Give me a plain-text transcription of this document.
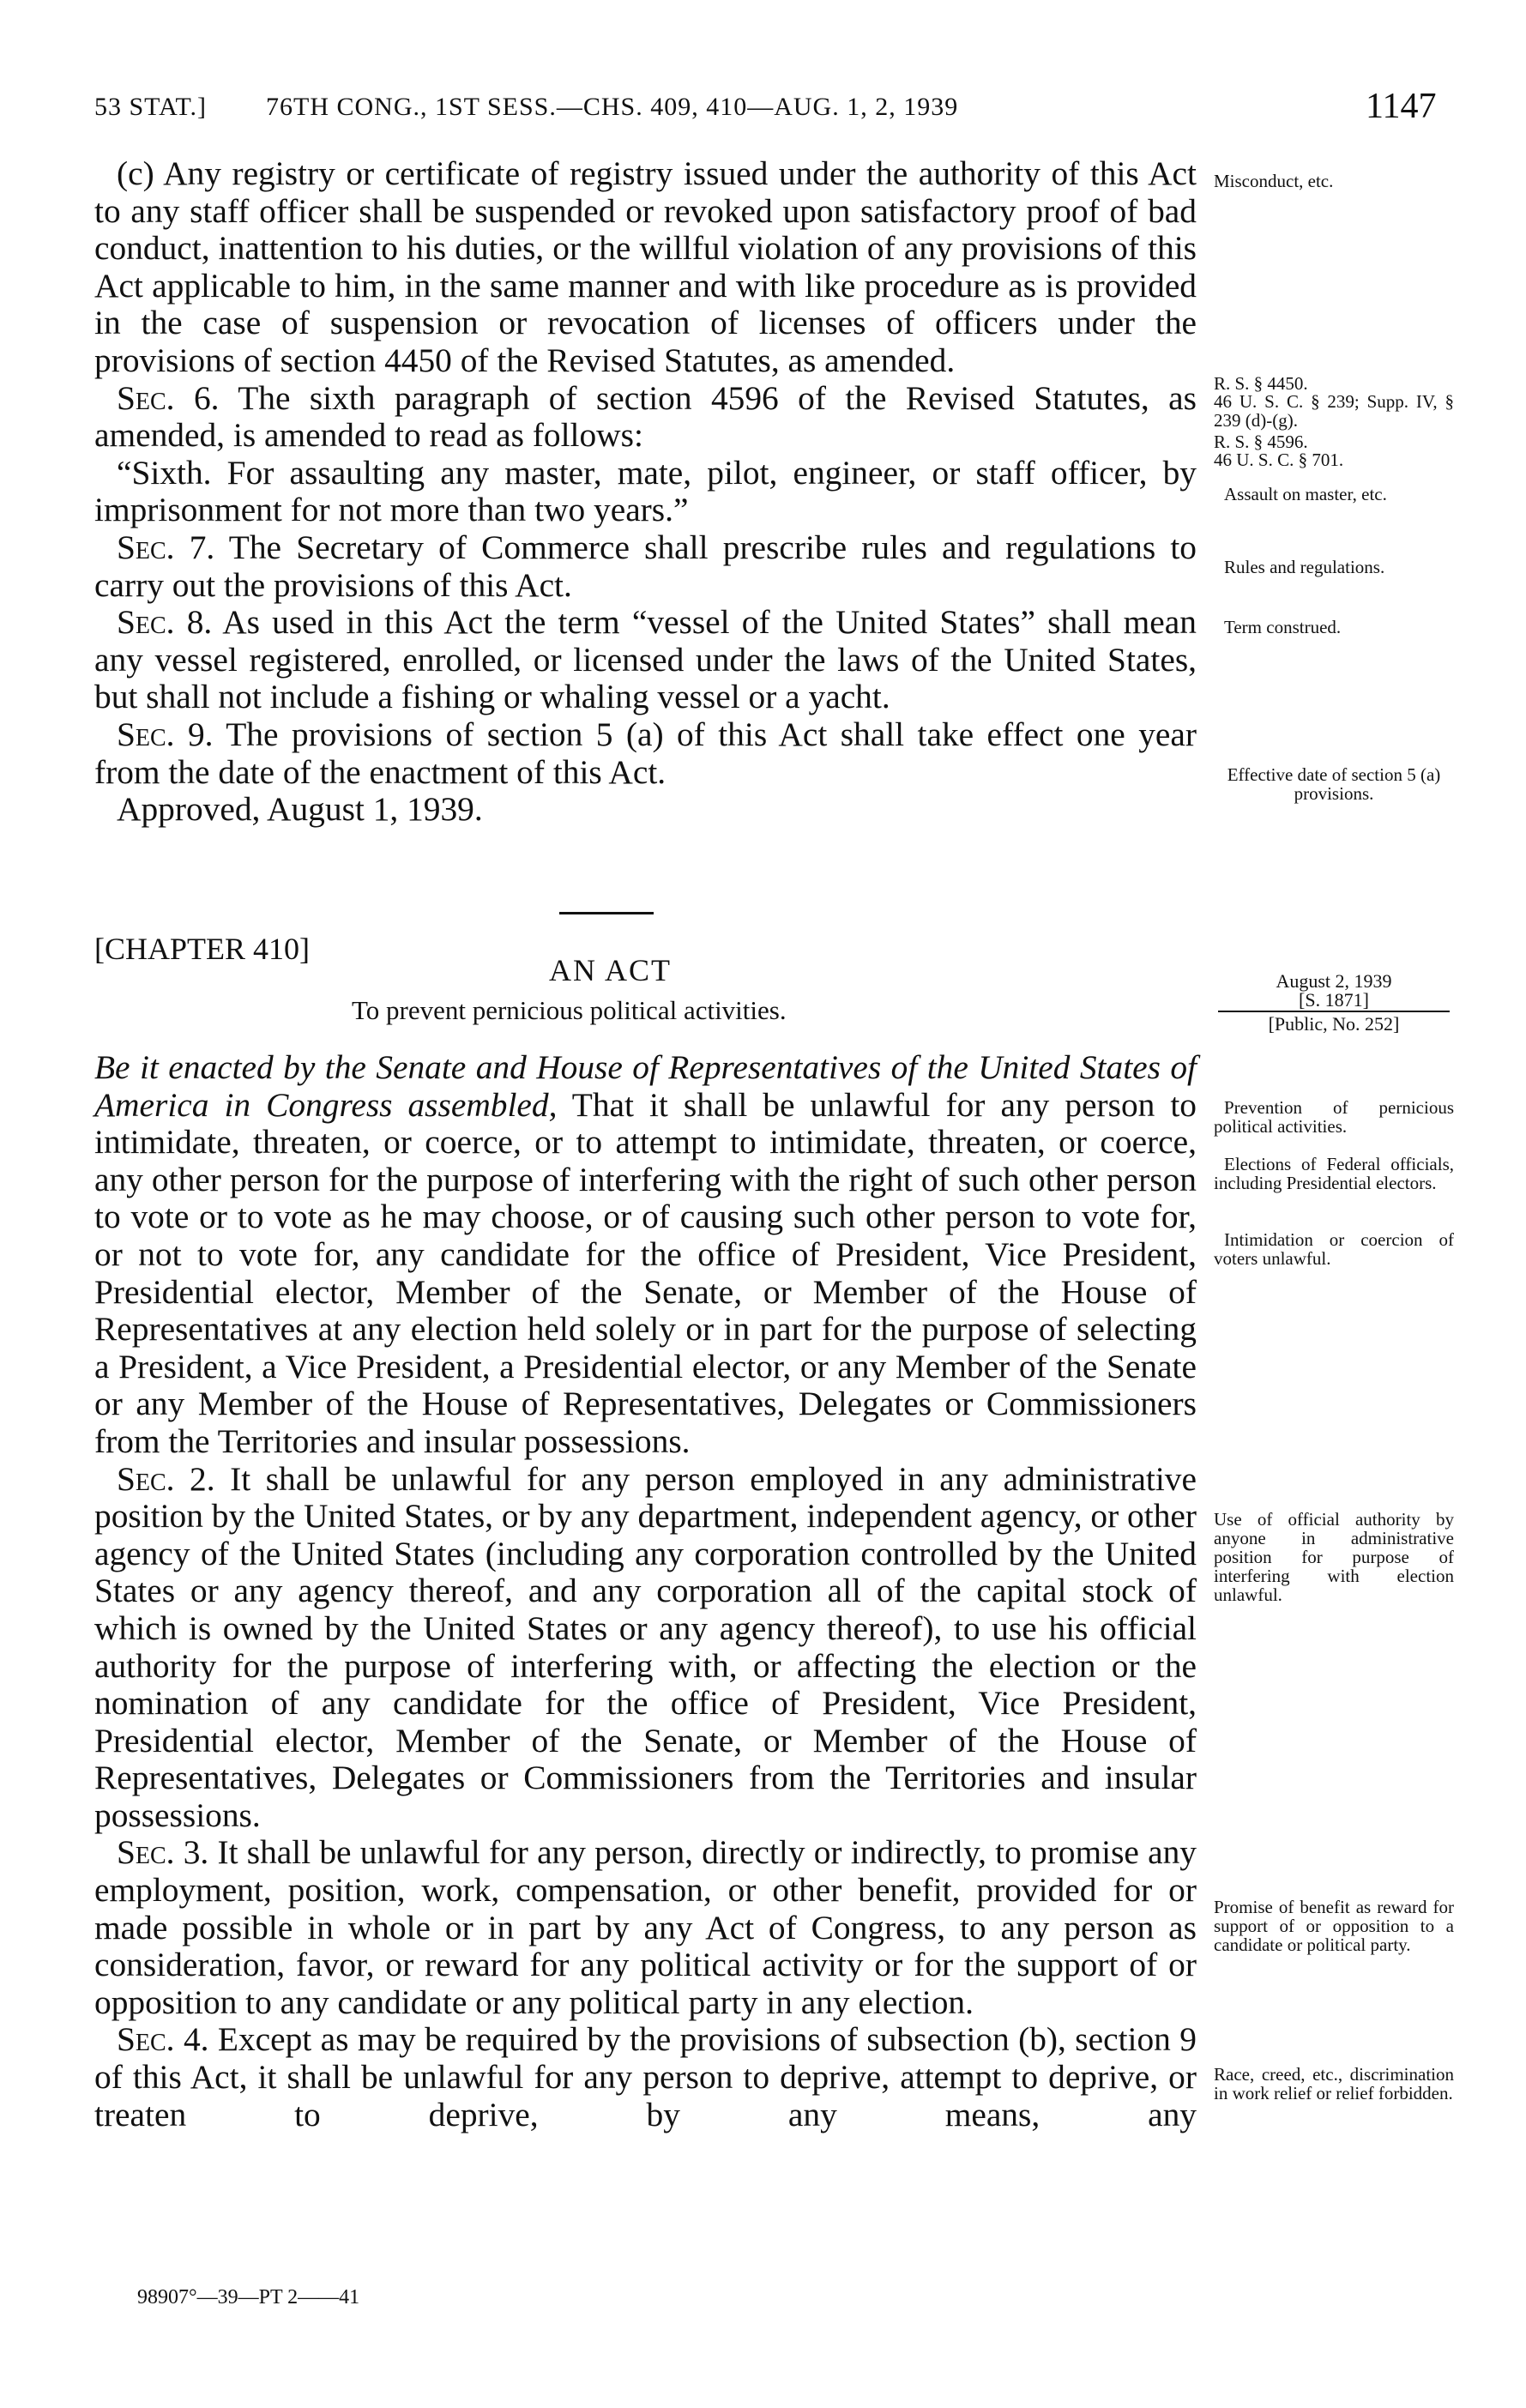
53 STAT.] 76TH CONG., 1ST SESS.—CHS. 409, 410—AUG. 1, 2, 1939	1147

(c) Any registry or certificate of registry issued under the authority of this Act to any staff officer shall be suspended or revoked upon satisfactory proof of bad conduct, inattention to his duties, or the willful violation of any provisions of this Act applicable to him, in the same manner and with like procedure as is provided in the case of suspension or revocation of licenses of officers under the provisions of section 4450 of the Revised Statutes, as amended.

Sec. 6. The sixth paragraph of section 4596 of the Revised Statutes, as amended, is amended to read as follows:

“Sixth. For assaulting any master, mate, pilot, engineer, or staff officer, by imprisonment for not more than two years.”

Sec. 7. The Secretary of Commerce shall prescribe rules and regulations to carry out the provisions of this Act.

Sec. 8. As used in this Act the term “vessel of the United States” shall mean any vessel registered, enrolled, or licensed under the laws of the United States, but shall not include a fishing or whaling vessel or a yacht.

Sec. 9. The provisions of section 5 (a) of this Act shall take effect one year from the date of the enactment of this Act.

Approved, August 1, 1939.

[CHAPTER 410]
AN ACT
To prevent pernicious political activities.
August 2, 1939
[S. 1871]
[Public, No. 252]

Be it enacted by the Senate and House of Representatives of the United States of America in Congress assembled, That it shall be unlawful for any person to intimidate, threaten, or coerce, or to attempt to intimidate, threaten, or coerce, any other person for the purpose of interfering with the right of such other person to vote or to vote as he may choose, or of causing such other person to vote for, or not to vote for, any candidate for the office of President, Vice President, Presidential elector, Member of the Senate, or Member of the House of Representatives at any election held solely or in part for the purpose of selecting a President, a Vice President, a Presidential elector, or any Member of the Senate or any Member of the House of Representatives, Delegates or Commissioners from the Territories and insular possessions.

Sec. 2. It shall be unlawful for any person employed in any administrative position by the United States, or by any department, independent agency, or other agency of the United States (including any corporation controlled by the United States or any agency thereof, and any corporation all of the capital stock of which is owned by the United States or any agency thereof), to use his official authority for the purpose of interfering with, or affecting the election or the nomination of any candidate for the office of President, Vice President, Presidential elector, Member of the Senate, or Member of the House of Representatives, Delegates or Commissioners from the Territories and insular possessions.

Sec. 3. It shall be unlawful for any person, directly or indirectly, to promise any employment, position, work, compensation, or other benefit, provided for or made possible in whole or in part by any Act of Congress, to any person as consideration, favor, or reward for any political activity or for the support of or opposition to any candidate or any political party in any election.

Sec. 4. Except as may be required by the provisions of subsection (b), section 9 of this Act, it shall be unlawful for any person to deprive, attempt to deprive, or treaten to deprive, by any means, any

Misconduct, etc.

R. S. § 4450.

46 U. S. C. § 239; Supp. IV, § 239 (d)-(g).

R. S. § 4596.

46 U. S. C. § 701.

Assault on master, etc.

Rules and regulations.

Term construed.

Effective date of section 5 (a) provisions.

Prevention of pernicious political activities.

Elections of Federal officials, including Presidential electors.

Intimidation or coercion of voters unlawful.

Use of official authority by anyone in administrative position for purpose of interfering with election unlawful.

Promise of benefit as reward for support of or opposition to a candidate or political party.

Race, creed, etc., discrimination in work relief or relief forbidden.

98907°—39—PT 2——41
